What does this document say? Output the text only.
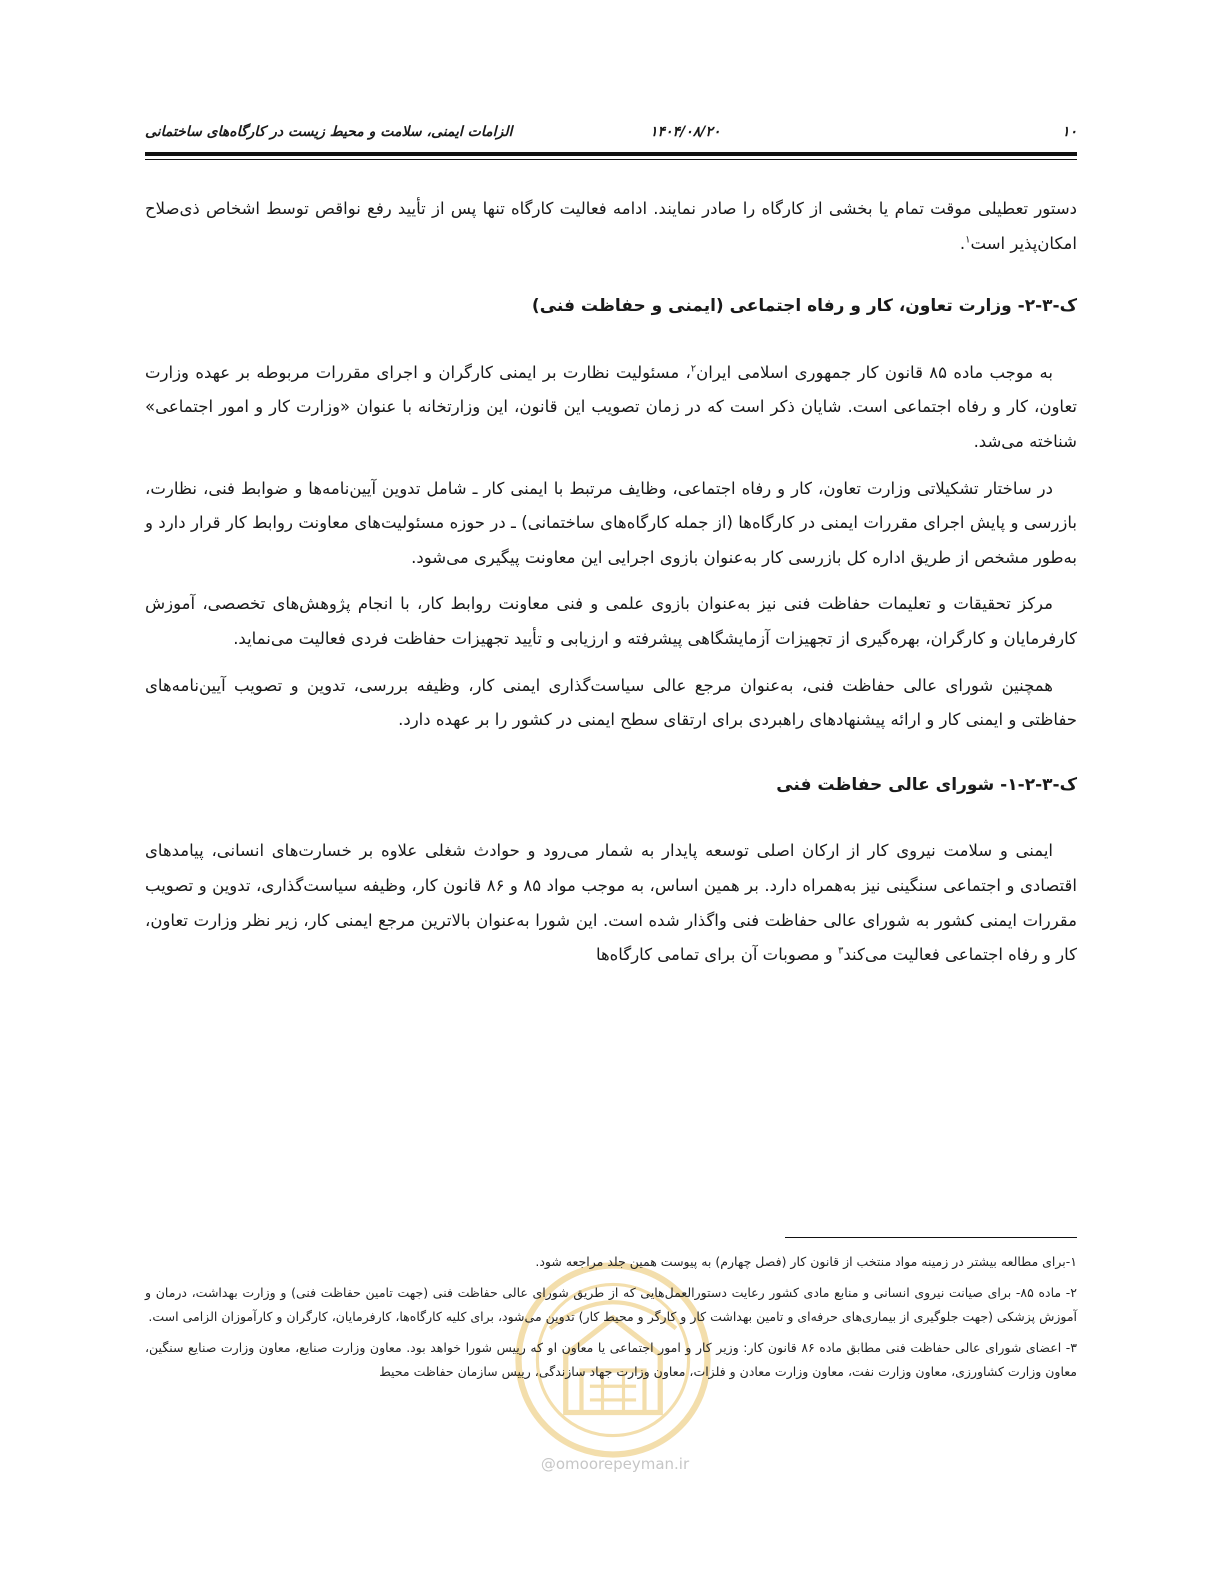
۱۰
۱۴۰۴/۰۸/۲۰
الزامات ایمنی، سلامت و محیط زیست در کارگاه‌های ساختمانی

دستور تعطیلی موقت تمام یا بخشی از کارگاه را صادر نمایند. ادامه فعالیت کارگاه تنها پس از تأیید رفع نواقص توسط اشخاص ذی‌صلاح امکان‌پذیر است$^۱$.

ک-۳-۲- وزارت تعاون، کار و رفاه اجتماعی (ایمنی و حفاظت فنی)

به موجب ماده ۸۵ قانون کار جمهوری اسلامی ایران$^۲$، مسئولیت نظارت بر ایمنی کارگران و اجرای مقررات مربوطه بر عهده وزارت تعاون، کار و رفاه اجتماعی است. شایان ذکر است که در زمان تصویب این قانون، این وزارتخانه با عنوان «وزارت کار و امور اجتماعی» شناخته می‌شد.

در ساختار تشکیلاتی وزارت تعاون، کار و رفاه اجتماعی، وظایف مرتبط با ایمنی کار ـ شامل تدوین آیین‌نامه‌ها و ضوابط فنی، نظارت، بازرسی و پایش اجرای مقررات ایمنی در کارگاه‌ها (از جمله کارگاه‌های ساختمانی) ـ در حوزه مسئولیت‌های معاونت روابط کار قرار دارد و به‌طور مشخص از طریق اداره کل بازرسی کار به‌عنوان بازوی اجرایی این معاونت پیگیری می‌شود.

مرکز تحقیقات و تعلیمات حفاظت فنی نیز به‌عنوان بازوی علمی و فنی معاونت روابط کار، با انجام پژوهش‌های تخصصی، آموزش کارفرمایان و کارگران، بهره‌گیری از تجهیزات آزمایشگاهی پیشرفته و ارزیابی و تأیید تجهیزات حفاظت فردی فعالیت می‌نماید.

همچنین شورای عالی حفاظت فنی، به‌عنوان مرجع عالی سیاست‌گذاری ایمنی کار، وظیفه بررسی، تدوین و تصویب آیین‌نامه‌های حفاظتی و ایمنی کار و ارائه پیشنهادهای راهبردی برای ارتقای سطح ایمنی در کشور را بر عهده دارد.

ک-۳-۲-۱- شورای عالی حفاظت فنی

ایمنی و سلامت نیروی کار از ارکان اصلی توسعه پایدار به شمار می‌رود و حوادث شغلی علاوه بر خسارت‌های انسانی، پیامدهای اقتصادی و اجتماعی سنگینی نیز به‌همراه دارد. بر همین اساس، به موجب مواد ۸۵ و ۸۶ قانون کار، وظیفه سیاست‌گذاری، تدوین و تصویب مقررات ایمنی کشور به شورای عالی حفاظت فنی واگذار شده است. این شورا به‌عنوان بالاترین مرجع ایمنی کار، زیر نظر وزارت تعاون، کار و رفاه اجتماعی فعالیت می‌کند$^۳$ و مصوبات آن برای تمامی کارگاه‌ها

@omoorepeyman.ir

۱-برای مطالعه بیشتر در زمینه مواد منتخب از قانون کار (فصل چهارم) به پیوست همین جلد مراجعه شود.

۲- ماده ۸۵- برای صیانت نیروی انسانی و منابع مادی کشور رعایت دستورالعمل‌هایی که از طریق شورای عالی حفاظت فنی (جهت تامین حفاظت فنی) و وزارت بهداشت، درمان و آموزش پزشکی (جهت جلوگیری از بیماری‌های حرفه‌ای و تامین بهداشت کار و کارگر و محیط کار) تدوین می‌شود، برای کلیه کارگاه‌ها، کارفرمایان، کارگران و کارآموزان الزامی است.

۳- اعضای شورای عالی حفاظت فنی مطابق ماده ۸۶ قانون کار: وزیر کار و امور اجتماعی یا معاون او که رییس شورا خواهد بود. معاون وزارت صنایع، معاون وزارت صنایع سنگین، معاون وزارت کشاورزی، معاون وزارت نفت، معاون وزارت معادن و فلزات، معاون وزارت جهاد سازندگی، رییس سازمان حفاظت محیط
